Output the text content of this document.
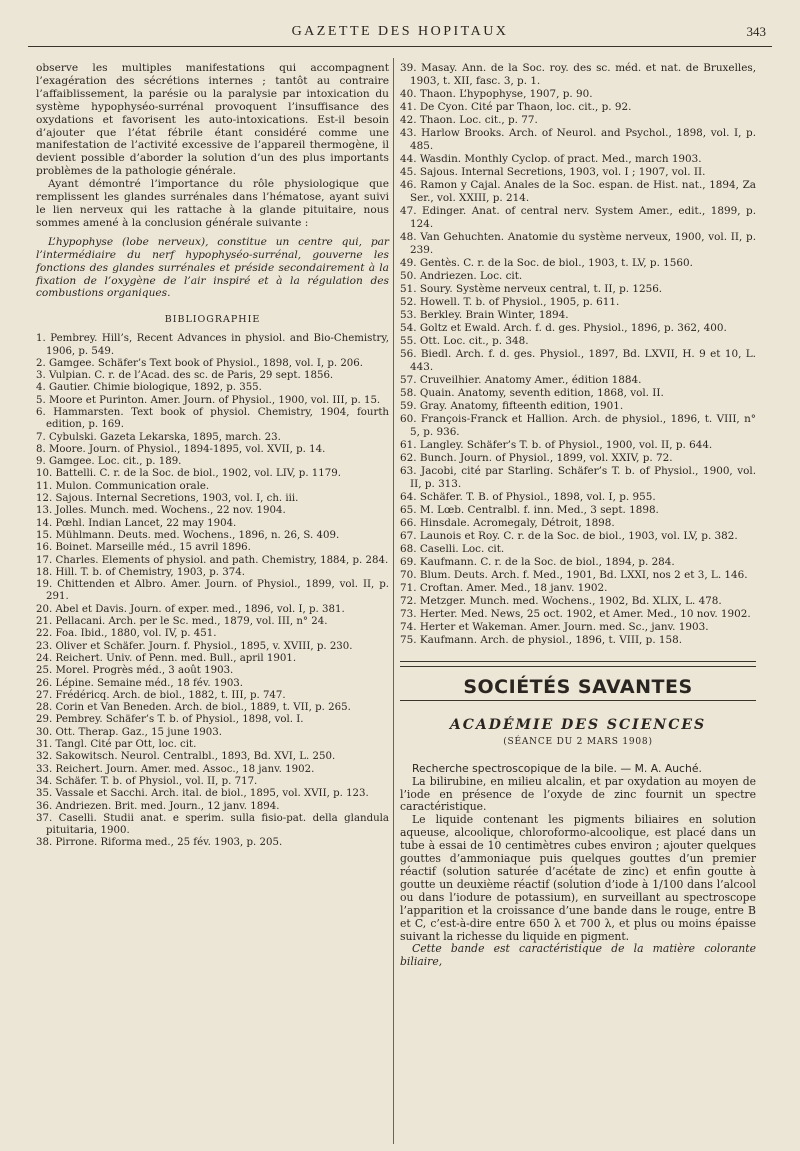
GAZETTE DES HOPITAUX	343

observe les multiples manifestations qui accompagnent l’exagération des sécrétions internes ; tantôt au contraire l’affaiblissement, la parésie ou la paralysie par intoxication du système hypophyséo-surrénal provoquent l’insuffisance des oxydations et favorisent les auto-intoxications. Est-il besoin d’ajouter que l’état fébrile étant considéré comme une manifestation de l’activité excessive de l’appareil thermogène, il devient possible d’aborder la solution d’un des plus importants problèmes de la pathologie générale.

Ayant démontré l’importance du rôle physiologique que remplissent les glandes surrénales dans l’hématose, ayant suivi le lien nerveux qui les rattache à la glande pituitaire, nous sommes amené à la conclusion générale suivante :

L’hypophyse (lobe nerveux), constitue un centre qui, par l’intermédiaire du nerf hypophyséo-surrénal, gouverne les fonctions des glandes surrénales et préside secondairement à la fixation de l’oxygène de l’air inspiré et à la régulation des combustions organiques.

BIBLIOGRAPHIE

1. Pembrey. Hill’s, Recent Advances in physiol. and Bio-Chemistry, 1906, p. 549.

2. Gamgee. Schäfer’s Text book of Physiol., 1898, vol. I, p. 206.

3. Vulpian. C. r. de l’Acad. des sc. de Paris, 29 sept. 1856.

4. Gautier. Chimie biologique, 1892, p. 355.

5. Moore et Purinton. Amer. Journ. of Physiol., 1900, vol. III, p. 15.

6. Hammarsten. Text book of physiol. Chemistry, 1904, fourth edition, p. 169.

7. Cybulski. Gazeta Lekarska, 1895, march. 23.

8. Moore. Journ. of Physiol., 1894-1895, vol. XVII, p. 14.

9. Gamgee. Loc. cit., p. 189.

10. Battelli. C. r. de la Soc. de biol., 1902, vol. LIV, p. 1179.

11. Mulon. Communication orale.

12. Sajous. Internal Secretions, 1903, vol. I, ch. iii.

13. Jolles. Munch. med. Wochens., 22 nov. 1904.

14. Pœhl. Indian Lancet, 22 may 1904.

15. Mühlmann. Deuts. med. Wochens., 1896, n. 26, S. 409.

16. Boinet. Marseille méd., 15 avril 1896.

17. Charles. Elements of physiol. and path. Chemistry, 1884, p. 284.

18. Hill. T. b. of Chemistry, 1903, p. 374.

19. Chittenden et Albro. Amer. Journ. of Physiol., 1899, vol. II, p. 291.

20. Abel et Davis. Journ. of exper. med., 1896, vol. I, p. 381.

21. Pellacani. Arch. per le Sc. med., 1879, vol. III, n° 24.

22. Foa. Ibid., 1880, vol. IV, p. 451.

23. Oliver et Schäfer. Journ. f. Physiol., 1895, v. XVIII, p. 230.

24. Reichert. Univ. of Penn. med. Bull., april 1901.

25. Morel. Progrès méd., 3 août 1903.

26. Lépine. Semaine méd., 18 fév. 1903.

27. Frédéricq. Arch. de biol., 1882, t. III, p. 747.

28. Corin et Van Beneden. Arch. de biol., 1889, t. VII, p. 265.

29. Pembrey. Schäfer’s T. b. of Physiol., 1898, vol. I.

30. Ott. Therap. Gaz., 15 june 1903.

31. Tangl. Cité par Ott, loc. cit.

32. Sakowitsch. Neurol. Centralbl., 1893, Bd. XVI, L. 250.

33. Reichert. Journ. Amer. med. Assoc., 18 janv. 1902.

34. Schäfer. T. b. of Physiol., vol. II, p. 717.

35. Vassale et Sacchi. Arch. ital. de biol., 1895, vol. XVII, p. 123.

36. Andriezen. Brit. med. Journ., 12 janv. 1894.

37. Caselli. Studii anat. e sperim. sulla fisio-pat. della glandula pituitaria, 1900.

38. Pirrone. Riforma med., 25 fév. 1903, p. 205.

39. Masay. Ann. de la Soc. roy. des sc. méd. et nat. de Bruxelles, 1903, t. XII, fasc. 3, p. 1.

40. Thaon. L’hypophyse, 1907, p. 90.

41. De Cyon. Cité par Thaon, loc. cit., p. 92.

42. Thaon. Loc. cit., p. 77.

43. Harlow Brooks. Arch. of Neurol. and Psychol., 1898, vol. I, p. 485.

44. Wasdin. Monthly Cyclop. of pract. Med., march 1903.

45. Sajous. Internal Secretions, 1903, vol. I ; 1907, vol. II.

46. Ramon y Cajal. Anales de la Soc. espan. de Hist. nat., 1894, Za Ser., vol. XXIII, p. 214.

47. Edinger. Anat. of central nerv. System Amer., edit., 1899, p. 124.

48. Van Gehuchten. Anatomie du système nerveux, 1900, vol. II, p. 239.

49. Gentès. C. r. de la Soc. de biol., 1903, t. LV, p. 1560.

50. Andriezen. Loc. cit.

51. Soury. Système nerveux central, t. II, p. 1256.

52. Howell. T. b. of Physiol., 1905, p. 611.

53. Berkley. Brain Winter, 1894.

54. Goltz et Ewald. Arch. f. d. ges. Physiol., 1896, p. 362, 400.

55. Ott. Loc. cit., p. 348.

56. Biedl. Arch. f. d. ges. Physiol., 1897, Bd. LXVII, H. 9 et 10, L. 443.

57. Cruveilhier. Anatomy Amer., édition 1884.

58. Quain. Anatomy, seventh edition, 1868, vol. II.

59. Gray. Anatomy, fifteenth edition, 1901.

60. François-Franck et Hallion. Arch. de physiol., 1896, t. VIII, n° 5, p. 936.

61. Langley. Schäfer’s T. b. of Physiol., 1900, vol. II, p. 644.

62. Bunch. Journ. of Physiol., 1899, vol. XXIV, p. 72.

63. Jacobi, cité par Starling. Schäfer’s T. b. of Physiol., 1900, vol. II, p. 313.

64. Schäfer. T. B. of Physiol., 1898, vol. I, p. 955.

65. M. Lœb. Centralbl. f. inn. Med., 3 sept. 1898.

66. Hinsdale. Acromegaly, Détroit, 1898.

67. Launois et Roy. C. r. de la Soc. de biol., 1903, vol. LV, p. 382.

68. Caselli. Loc. cit.

69. Kaufmann. C. r. de la Soc. de biol., 1894, p. 284.

70. Blum. Deuts. Arch. f. Med., 1901, Bd. LXXI, nos 2 et 3, L. 146.

71. Croftan. Amer. Med., 18 janv. 1902.

72. Metzger. Munch. med. Wochens., 1902, Bd. XLIX, L. 478.

73. Herter. Med. News, 25 oct. 1902, et Amer. Med., 10 nov. 1902.

74. Herter et Wakeman. Amer. Journ. med. Sc., janv. 1903.

75. Kaufmann. Arch. de physiol., 1896, t. VIII, p. 158.

SOCIÉTÉS SAVANTES
ACADÉMIE DES SCIENCES
(SÉANCE DU 2 MARS 1908)

Recherche spectroscopique de la bile. — M. A. Auché.

La bilirubine, en milieu alcalin, et par oxydation au moyen de l’iode en présence de l’oxyde de zinc fournit un spectre caractéristique.

Le liquide contenant les pigments biliaires en solution aqueuse, alcoolique, chloroformo-alcoolique, est placé dans un tube à essai de 10 centimètres cubes environ ; ajouter quelques gouttes d’ammoniaque puis quelques gouttes d’un premier réactif (solution saturée d’acétate de zinc) et enfin goutte à goutte un deuxième réactif (solution d’iode à 1/100 dans l’alcool ou dans l’iodure de potassium), en surveillant au spectroscope l’apparition et la croissance d’une bande dans le rouge, entre B et C, c’est-à-dire entre 650 λ et 700 λ, et plus ou moins épaisse suivant la richesse du liquide en pigment.

Cette bande est caractéristique de la matière colorante biliaire,
